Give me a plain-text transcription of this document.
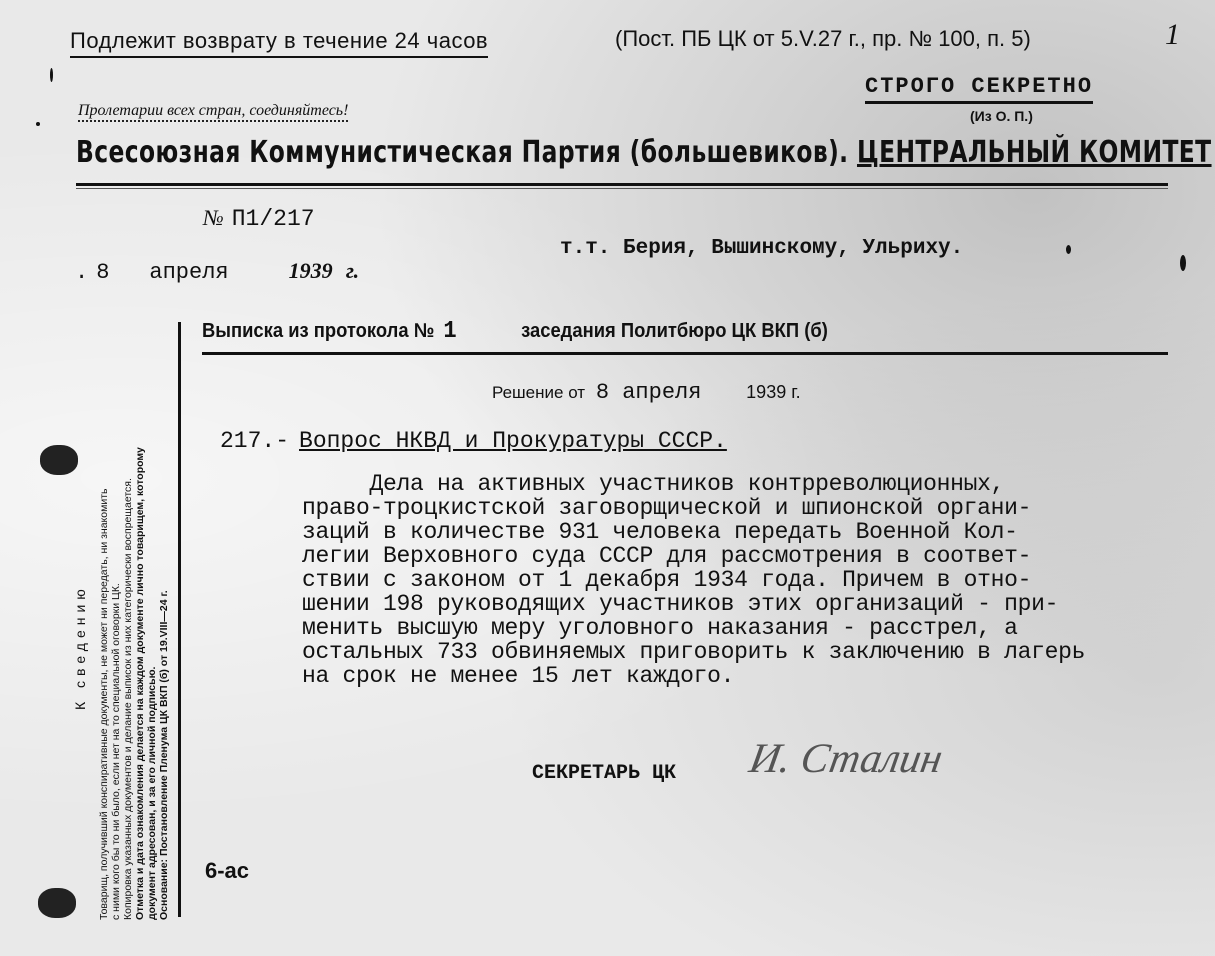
Подлежит возврату в течение 24 часов	(Пост. ПБ ЦК от 5.V.27 г., пр. № 100, п. 5)	1
СТРОГО СЕКРЕТНО
(Из О. П.)
Пролетарии всех стран, соединяйтесь!
Всесоюзная Коммунистическая Партия (большевиков). ЦЕНТРАЛЬНЫЙ КОМИТЕТ
№ П1/217
. 8 апреля	1939 г.
т.т. Берия, Вышинскому, Ульриху.
К сведению Товарищ, получивший конспиративные документы, не может ни передать, ни знакомить с ними кого бы то ни было, если нет на то специальной оговорки ЦК. Копировка указанных документов и делание выписок из них категорически воспрещается. Отметка и дата ознакомления делается на каждом документе лично товарищем, которому документ адресован, и за его личной подписью. Основание: Постановление Пленума ЦК ВКП (б) от 19.VIII—24 г.
Выписка из протокола № 1	заседания Политбюро ЦК ВКП (б)
Решение от 8 апреля 1939 г.
217.- Вопрос НКВД и Прокуратуры СССР.
Дела на активных участников контрреволюционных,
право-троцкистской заговорщической и шпионской органи-
заций в количестве 931 человека передать Военной Кол-
легии Верховного суда СССР для рассмотрения в соответ-
ствии с законом от 1 декабря 1934 года. Причем в отно-
шении 198 руководящих участников этих организаций - при-
менить высшую меру уголовного наказания - расстрел, а
остальных 733 обвиняемых приговорить к заключению в лагерь
на срок не менее 15 лет каждого.
СЕКРЕТАРЬ ЦК И. Сталин
6-ас
